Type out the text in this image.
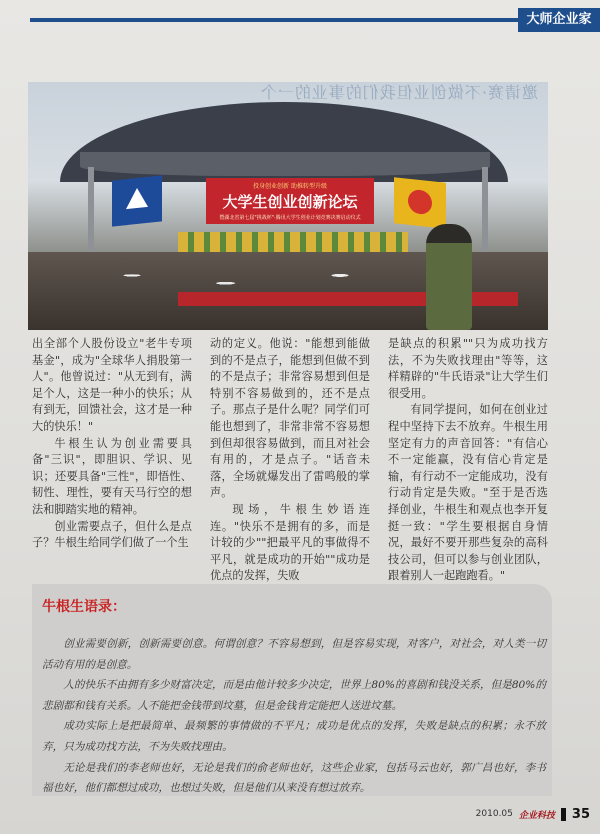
大师企业家
邀请赛·不做创业但我们的事业的一个
投身创业创新 助推转型升级
大学生创业创新论坛
暨湖北省第七届"挑战杯"·腾讯大学生创业计划竞赛决赛启动仪式

出全部个人股份设立"老牛专项基金"，成为"全球华人捐股第一人"。他曾说过："从无到有，满足个人，这是一种小的快乐；从有到无，回馈社会，这才是一种大的快乐！"

牛根生认为创业需要具备"三识"，即胆识、学识、见识；还要具备"三性"，即悟性、韧性、理性，要有天马行空的想法和脚踏实地的精神。

创业需要点子，但什么是点子？牛根生给同学们做了一个生

动的定义。他说："能想到能做到的不是点子，能想到但做不到的不是点子；非常容易想到但是特别不容易做到的，还不是点子。那点子是什么呢？同学们可能也想到了，非常非常不容易想到但却很容易做到，而且对社会有用的，才是点子。"话音未落，全场就爆发出了雷鸣般的掌声。

现场，牛根生妙语连连。"快乐不是拥有的多，而是计较的少""把最平凡的事做得不平凡，就是成功的开始""成功是优点的发挥，失败

是缺点的积累""只为成功找方法，不为失败找理由"等等，这样精辟的"牛氏语录"让大学生们很受用。

有同学提问，如何在创业过程中坚持下去不放弃。牛根生用坚定有力的声音回答："有信心不一定能赢，没有信心肯定是输，有行动不一定能成功，没有行动肯定是失败。"至于是否选择创业，牛根生和观点也李开复挺一致："学生要根据自身情况，最好不要开那些复杂的高科技公司，但可以参与创业团队，跟着别人一起跑跑看。"

牛根生语录：

创业需要创新，创新需要创意。何谓创意？不容易想到，但是容易实现，对客户，对社会，对人类一切活动有用的是创意。

人的快乐不由拥有多少财富决定，而是由他计较多少决定，世界上80%的喜剧和钱没关系，但是80%的悲剧都和钱有关系。人不能把金钱带到坟墓，但是金钱肯定能把人送进坟墓。

成功实际上是把最简单、最频繁的事情做的不平凡；成功是优点的发挥，失败是缺点的积累；永不放弃，只为成功找方法，不为失败找理由。

无论是我们的李老师也好，无论是我们的俞老师也好，这些企业家，包括马云也好，郭广昌也好，李书福也好，他们都想过成功，也想过失败，但是他们从来没有想过放弃。

2010.05 企业科技 35
